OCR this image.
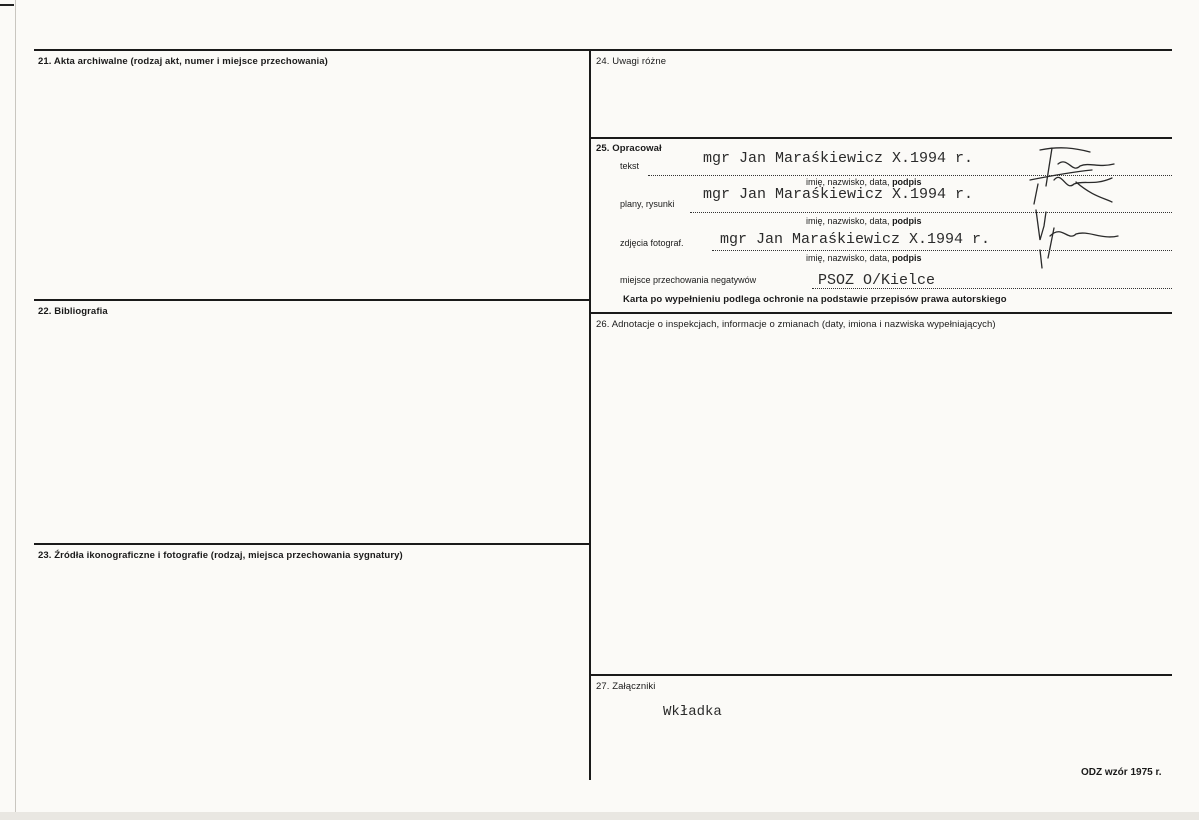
21. Akta archiwalne (rodzaj akt, numer i miejsce przechowania)
22. Bibliografia
23. Źródła ikonograficzne i fotografie (rodzaj, miejsca przechowania sygnatury)
24. Uwagi różne
25. Opracował
tekst	mgr Jan Maraśkiewicz X.1994 r.
imię, nazwisko, data, podpis
plany, rysunki
mgr Jan Maraśkiewicz X.1994 r.
imię, nazwisko, data, podpis
zdjęcia fotograf. mgr Jan Maraśkiewicz X.1994 r.
imię, nazwisko, data, podpis
miejsce przechowania negatywów	PSOZ O/Kielce
Karta po wypełnieniu podlega ochronie na podstawie przepisów prawa autorskiego
26. Adnotacje o inspekcjach, informacje o zmianach (daty, imiona i nazwiska wypełniających)
27. Załączniki
Wkładka
ODZ wzór 1975 r.
